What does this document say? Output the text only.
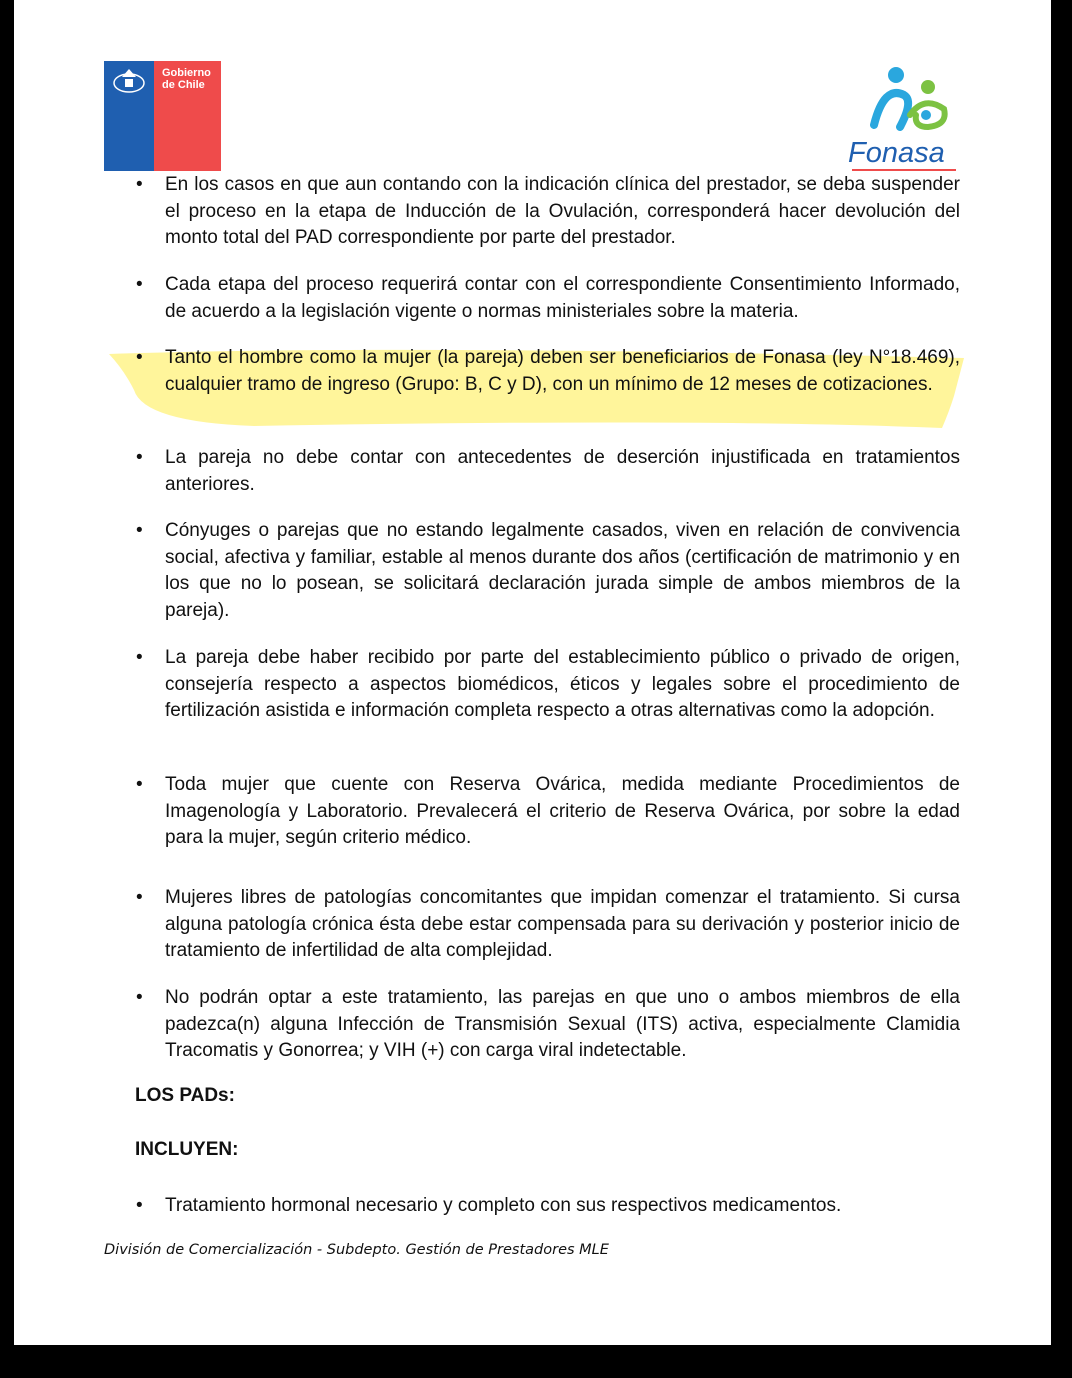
Gobierno
de Chile
Fonasa
• En los casos en que aun contando con la indicación clínica del prestador, se deba suspender el proceso en la etapa de Inducción de la Ovulación, corresponderá hacer devolución del monto total del PAD correspondiente por parte del prestador.
• Cada etapa del proceso requerirá contar con el correspondiente Consentimiento Informado, de acuerdo a la legislación vigente o normas ministeriales sobre la materia.
• Tanto el hombre como la mujer (la pareja) deben ser beneficiarios de Fonasa (ley N°18.469), cualquier tramo de ingreso (Grupo: B, C y D), con un mínimo de 12 meses de cotizaciones.
• La pareja no debe contar con antecedentes de deserción injustificada en tratamientos anteriores.
• Cónyuges o parejas que no estando legalmente casados, viven en relación de convivencia social, afectiva y familiar, estable al menos durante dos años (certificación de matrimonio y en los que no lo posean, se solicitará declaración jurada simple de ambos miembros de la pareja).
• La pareja debe haber recibido por parte del establecimiento público o privado de origen, consejería respecto a aspectos biomédicos, éticos y legales sobre el procedimiento de fertilización asistida e información completa respecto a otras alternativas como la adopción.
• Toda mujer que cuente con Reserva Ovárica, medida mediante Procedimientos de Imagenología y Laboratorio. Prevalecerá el criterio de Reserva Ovárica, por sobre la edad para la mujer, según criterio médico.
• Mujeres libres de patologías concomitantes que impidan comenzar el tratamiento. Si cursa alguna patología crónica ésta debe estar compensada para su derivación y posterior inicio de tratamiento de infertilidad de alta complejidad.
• No podrán optar a este tratamiento, las parejas en que uno o ambos miembros de ella padezca(n) alguna Infección de Transmisión Sexual (ITS) activa, especialmente Clamidia Tracomatis y Gonorrea; y VIH (+) con carga viral indetectable.
LOS PADs:
INCLUYEN:
• Tratamiento hormonal necesario y completo con sus respectivos medicamentos.
División de Comercialización - Subdepto. Gestión de Prestadores MLE
